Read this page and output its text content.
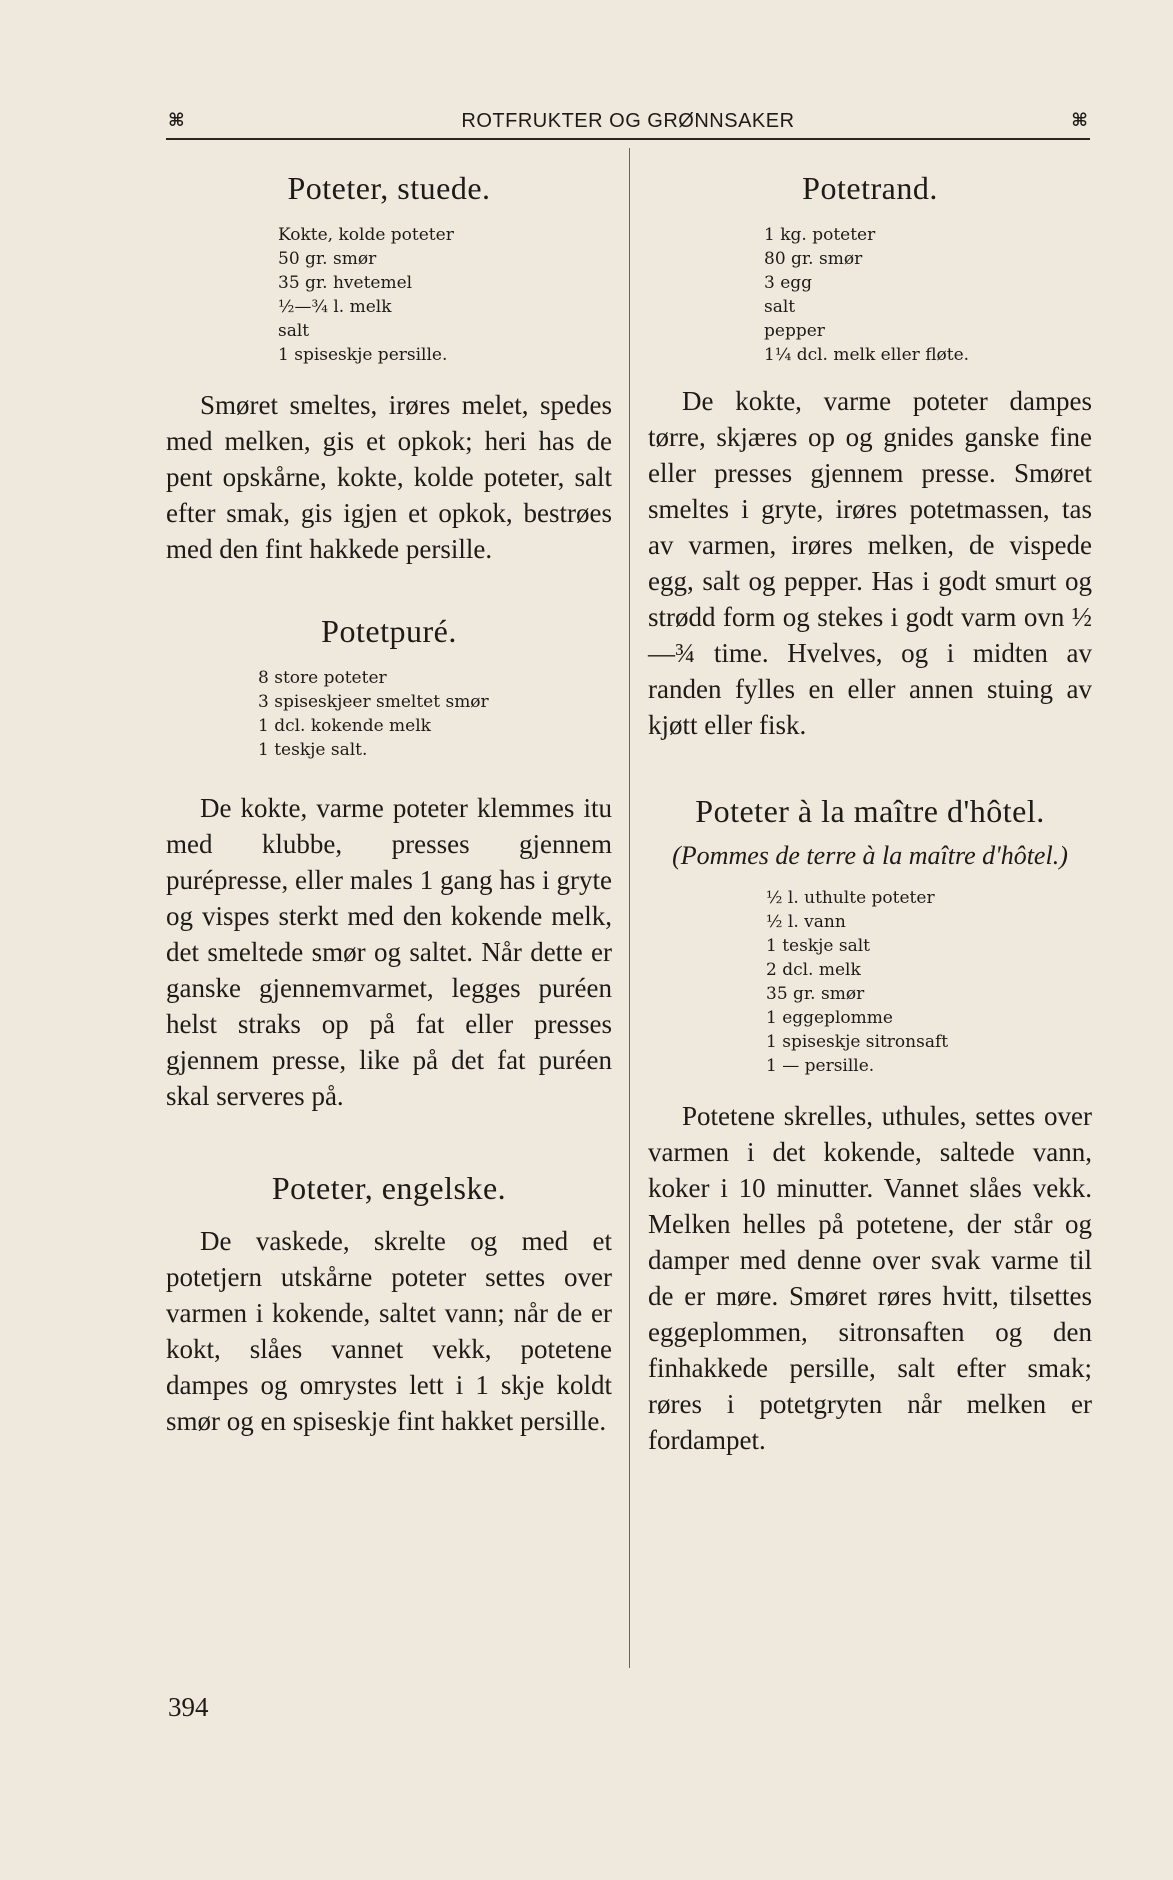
⌘	ROTFRUKTER OG GRØNNSAKER	⌘
Poteter, stuede.
Kokte, kolde poteter
50 gr. smør
35 gr. hvetemel
½—¾ l. melk
salt
1 spiseskje persille.

Smøret smeltes, irøres melet, spedes med melken, gis et opkok; heri has de pent opskårne, kokte, kolde poteter, salt efter smak, gis igjen et opkok, bestrøes med den fint hakkede persille.

Potetpuré.
8 store poteter
3 spiseskjeer smeltet smør
1 dcl. kokende melk
1 teskje salt.

De kokte, varme poteter klemmes itu med klubbe, presses gjennem purépresse, eller males 1 gang has i gryte og vispes sterkt med den kokende melk, det smeltede smør og saltet. Når dette er ganske gjennemvarmet, legges puréen helst straks op på fat eller presses gjennem presse, like på det fat puréen skal serveres på.

Poteter, engelske.

De vaskede, skrelte og med et potetjern utskårne poteter settes over varmen i kokende, saltet vann; når de er kokt, slåes vannet vekk, potetene dampes og omrystes lett i 1 skje koldt smør og en spiseskje fint hakket persille.

Potetrand.
1 kg. poteter
80 gr. smør
3 egg
salt
pepper
1¼ dcl. melk eller fløte.

De kokte, varme poteter dampes tørre, skjæres op og gnides ganske fine eller presses gjennem presse. Smøret smeltes i gryte, irøres potetmassen, tas av varmen, irøres melken, de vispede egg, salt og pepper. Has i godt smurt og strødd form og stekes i godt varm ovn ½—¾ time. Hvelves, og i midten av randen fylles en eller annen stuing av kjøtt eller fisk.

Poteter à la maître d'hôtel.

(Pommes de terre à la maître d'hôtel.)

½ l. uthulte poteter
½ l. vann
1 teskje salt
2 dcl. melk
35 gr. smør
1 eggeplomme
1 spiseskje sitronsaft
1 — persille.

Potetene skrelles, uthules, settes over varmen i det kokende, saltede vann, koker i 10 minutter. Vannet slåes vekk. Melken helles på potetene, der står og damper med denne over svak varme til de er møre. Smøret røres hvitt, tilsettes eggeplommen, sitronsaften og den finhakkede persille, salt efter smak; røres i potetgryten når melken er fordampet.

394
